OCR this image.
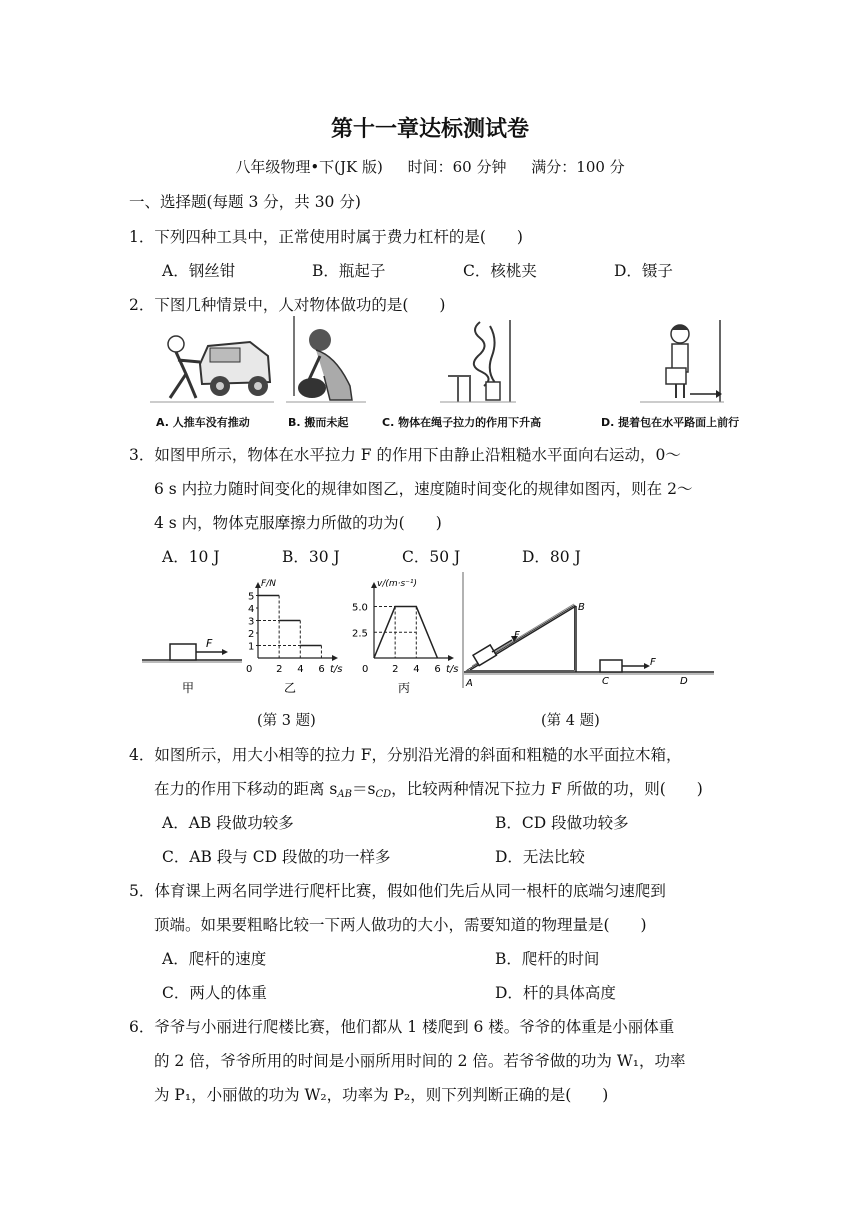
第十一章达标测试卷
八年级物理•下(JK 版) 时间：60 分钟 满分：100 分
一、选择题(每题 3 分，共 30 分)
1．下列四种工具中，正常使用时属于费力杠杆的是(　　)
A．钢丝钳	B．瓶起子	C．核桃夹	D．镊子
2．下图几种情景中，人对物体做功的是(　　)
A. 人推车没有推动	B. 搬而未起	C. 物体在绳子拉力的作用下升高	D. 提着包在水平路面上前行
3．如图甲所示，物体在水平拉力 F 的作用下由静止沿粗糙水平面向右运动，0～
6 s 内拉力随时间变化的规律如图乙，速度随时间变化的规律如图丙，则在 2～
4 s 内，物体克服摩擦力所做的功为(　　)
A．10 J	B．30 J	C．50 J	D．80 J
F
甲
t/s
F/N
0
1
2
3
4
5
2 4 6
乙
t/s
v/(m·s⁻¹)
0
2.5
5.0
2 4 6
丙
F
A
B
F
C	D
(第 3 题)	(第 4 题)
4．如图所示，用大小相等的拉力 F，分别沿光滑的斜面和粗糙的水平面拉木箱，
在力的作用下移动的距离 $s_{AB}=s_{CD}$，比较两种情况下拉力 F 所做的功，则(　　)
A．AB 段做功较多	B．CD 段做功较多
C．AB 段与 CD 段做的功一样多	D．无法比较
5．体育课上两名同学进行爬杆比赛，假如他们先后从同一根杆的底端匀速爬到
顶端。如果要粗略比较一下两人做功的大小，需要知道的物理量是(　　)
A．爬杆的速度	B．爬杆的时间
C．两人的体重	D．杆的具体高度
6．爷爷与小丽进行爬楼比赛，他们都从 1 楼爬到 6 楼。爷爷的体重是小丽体重
的 2 倍，爷爷所用的时间是小丽所用时间的 2 倍。若爷爷做的功为 W₁，功率
为 P₁，小丽做的功为 W₂，功率为 P₂，则下列判断正确的是(　　)
